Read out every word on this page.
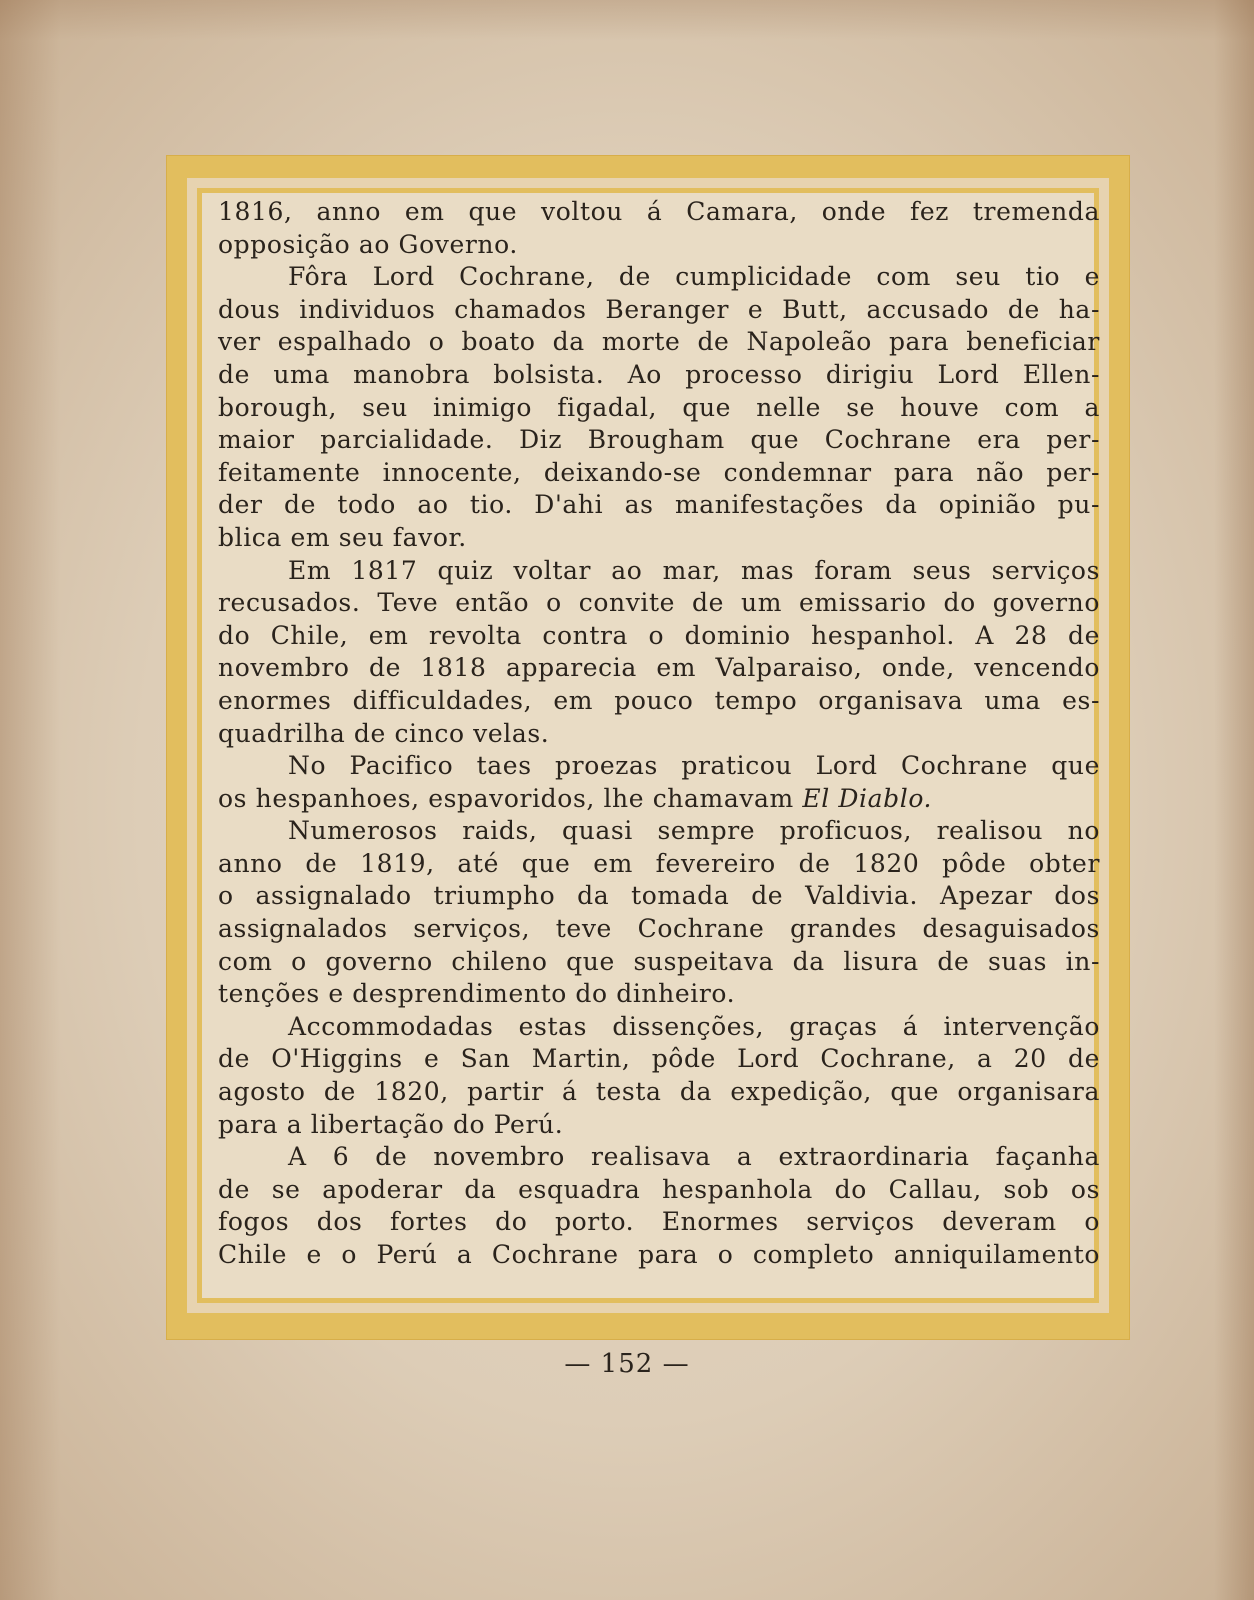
1816, anno em que voltou á Camara, onde fez tremenda
opposição ao Governo.
Fôra Lord Cochrane, de cumplicidade com seu tio e
dous individuos chamados Beranger e Butt, accusado de ha-
ver espalhado o boato da morte de Napoleão para beneficiar
de uma manobra bolsista. Ao processo dirigiu Lord Ellen-
borough, seu inimigo figadal, que nelle se houve com a
maior parcialidade. Diz Brougham que Cochrane era per-
feitamente innocente, deixando-se condemnar para não per-
der de todo ao tio. D'ahi as manifestações da opinião pu-
blica em seu favor.
Em 1817 quiz voltar ao mar, mas foram seus serviços
recusados. Teve então o convite de um emissario do governo
do Chile, em revolta contra o dominio hespanhol. A 28 de
novembro de 1818 apparecia em Valparaiso, onde, vencendo
enormes difficuldades, em pouco tempo organisava uma es-
quadrilha de cinco velas.
No Pacifico taes proezas praticou Lord Cochrane que
os hespanhoes, espavoridos, lhe chamavam El Diablo.
Numerosos raids, quasi sempre proficuos, realisou no
anno de 1819, até que em fevereiro de 1820 pôde obter
o assignalado triumpho da tomada de Valdivia. Apezar dos
assignalados serviços, teve Cochrane grandes desaguisados
com o governo chileno que suspeitava da lisura de suas in-
tenções e desprendimento do dinheiro.
Accommodadas estas dissenções, graças á intervenção
de O'Higgins e San Martin, pôde Lord Cochrane, a 20 de
agosto de 1820, partir á testa da expedição, que organisara
para a libertação do Perú.
A 6 de novembro realisava a extraordinaria façanha
de se apoderar da esquadra hespanhola do Callau, sob os
fogos dos fortes do porto. Enormes serviços deveram o
Chile e o Perú a Cochrane para o completo anniquilamento
— 152 —
